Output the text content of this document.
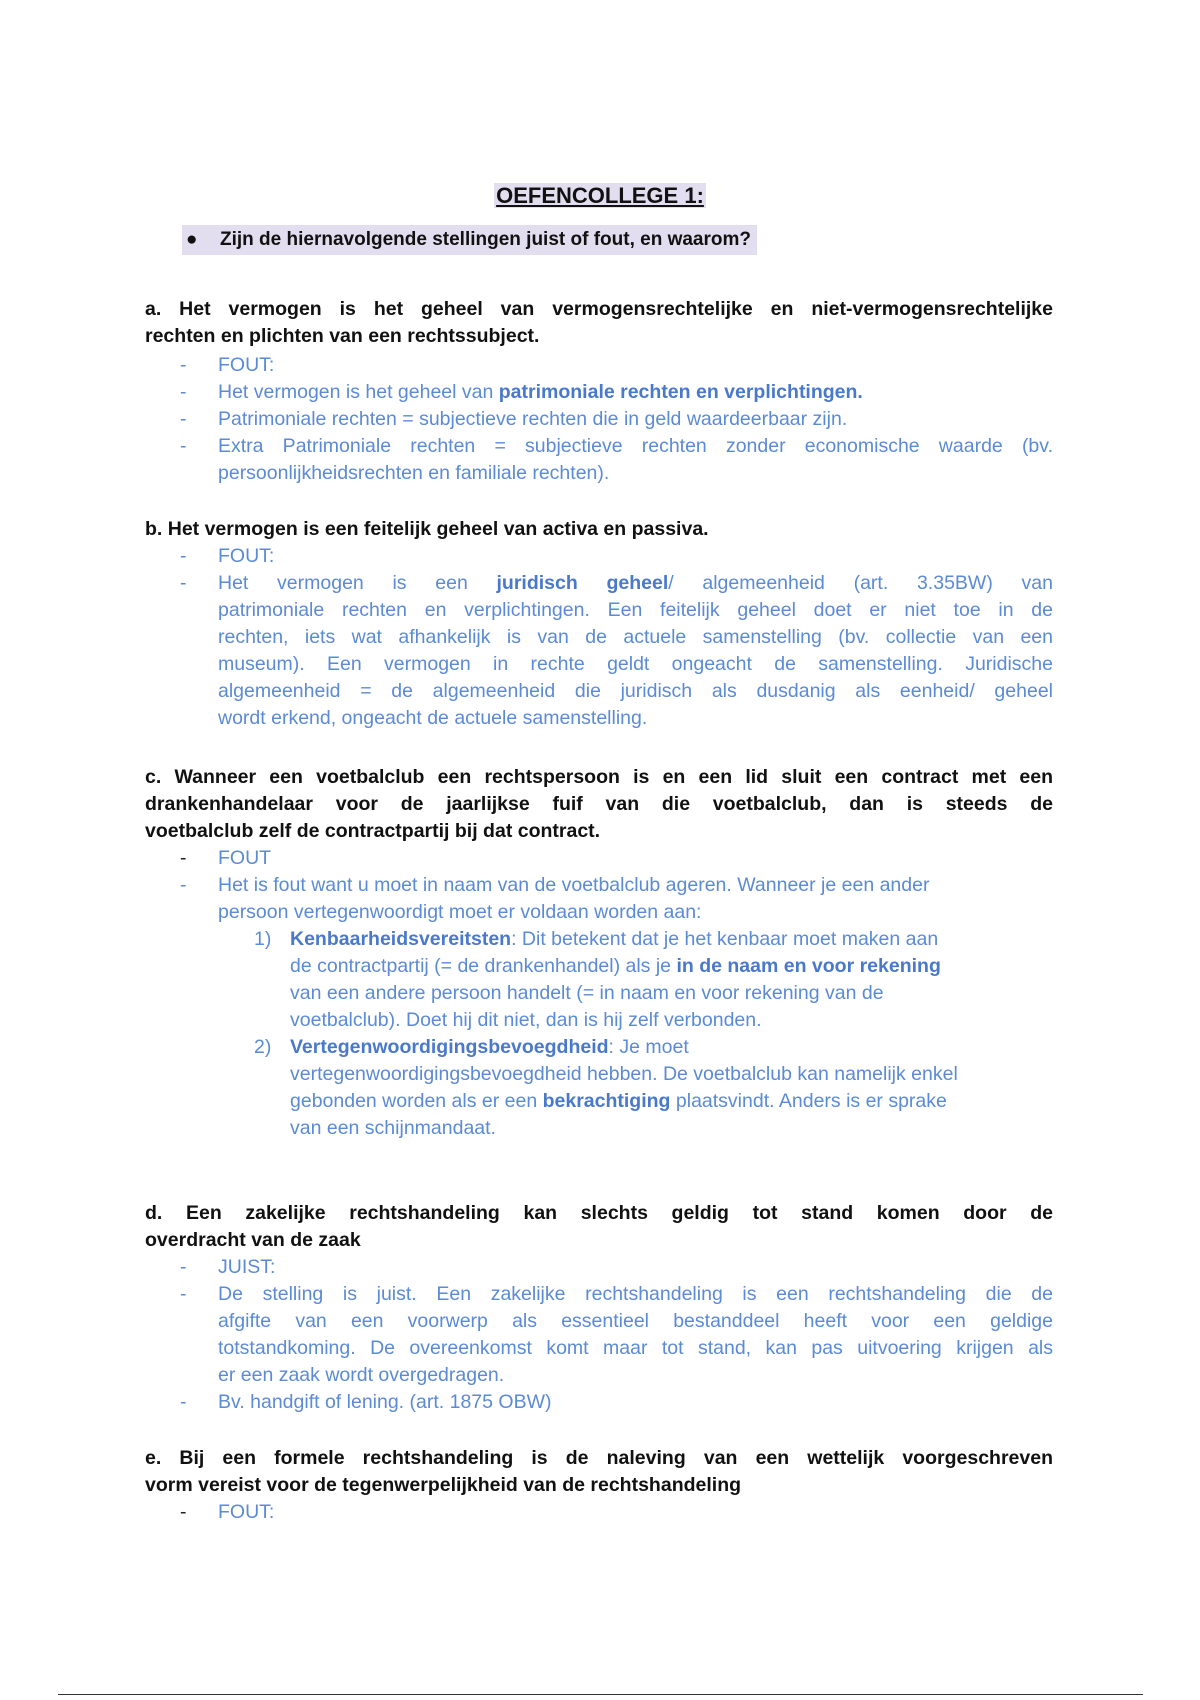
OEFENCOLLEGE 1:
● Zijn de hiernavolgende stellingen juist of fout, en waarom?
a. Het vermogen is het geheel van vermogensrechtelijke en niet-vermogensrechtelijke
rechten en plichten van een rechtssubject.
-	FOUT:
-	Het vermogen is het geheel van patrimoniale rechten en verplichtingen.
-	Patrimoniale rechten = subjectieve rechten die in geld waardeerbaar zijn.
-	Extra Patrimoniale rechten = subjectieve rechten zonder economische waarde (bv.
persoonlijkheidsrechten en familiale rechten).
b. Het vermogen is een feitelijk geheel van activa en passiva.
-	FOUT:
-	Het vermogen is een juridisch geheel/ algemeenheid (art. 3.35BW) van
patrimoniale rechten en verplichtingen. Een feitelijk geheel doet er niet toe in de
rechten, iets wat afhankelijk is van de actuele samenstelling (bv. collectie van een
museum). Een vermogen in rechte geldt ongeacht de samenstelling. Juridische
algemeenheid = de algemeenheid die juridisch als dusdanig als eenheid/ geheel
wordt erkend, ongeacht de actuele samenstelling.
c. Wanneer een voetbalclub een rechtspersoon is en een lid sluit een contract met een
drankenhandelaar voor de jaarlijkse fuif van die voetbalclub, dan is steeds de
voetbalclub zelf de contractpartij bij dat contract.
-	FOUT
-	Het is fout want u moet in naam van de voetbalclub ageren. Wanneer je een ander
persoon vertegenwoordigt moet er voldaan worden aan:
1) Kenbaarheidsvereitsten: Dit betekent dat je het kenbaar moet maken aan
de contractpartij (= de drankenhandel) als je in de naam en voor rekening
van een andere persoon handelt (= in naam en voor rekening van de
voetbalclub). Doet hij dit niet, dan is hij zelf verbonden.
2) Vertegenwoordigingsbevoegdheid: Je moet
vertegenwoordigingsbevoegdheid hebben. De voetbalclub kan namelijk enkel
gebonden worden als er een bekrachtiging plaatsvindt. Anders is er sprake
van een schijnmandaat.
d. Een zakelijke rechtshandeling kan slechts geldig tot stand komen door de
overdracht van de zaak
-	JUIST:
-	De stelling is juist. Een zakelijke rechtshandeling is een rechtshandeling die de
afgifte van een voorwerp als essentieel bestanddeel heeft voor een geldige
totstandkoming. De overeenkomst komt maar tot stand, kan pas uitvoering krijgen als
er een zaak wordt overgedragen.
-	Bv. handgift of lening. (art. 1875 OBW)
e. Bij een formele rechtshandeling is de naleving van een wettelijk voorgeschreven
vorm vereist voor de tegenwerpelijkheid van de rechtshandeling
-	FOUT:
